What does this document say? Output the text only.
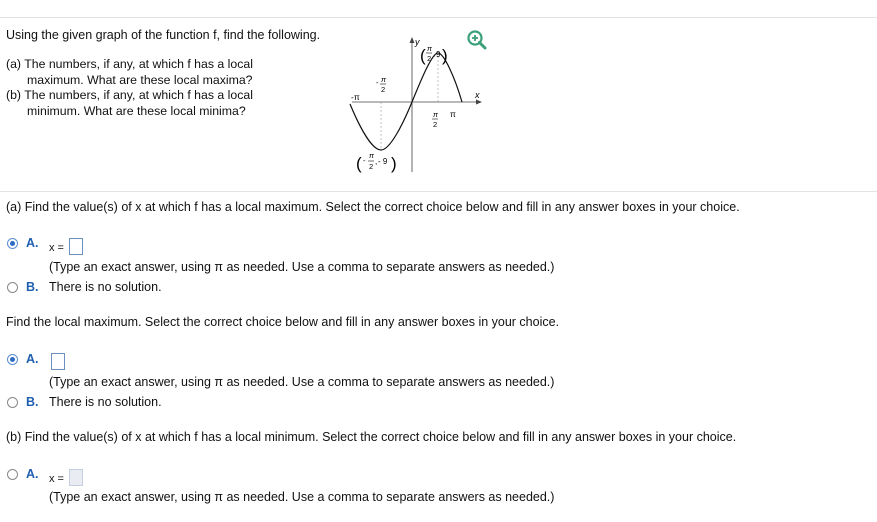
Using the given graph of the function f, find the following.
(a) The numbers, if any, at which f has a local
maximum. What are these local maxima?
(b) The numbers, if any, at which f has a local
minimum. What are these local minima?
y
x
-π
- π
2
π
2
π
( π
2
, 9 )
( -
π
2
, - 9 )
(a) Find the value(s) of x at which f has a local maximum. Select the correct choice below and fill in any answer boxes in your choice.
A. x =
(Type an exact answer, using π as needed. Use a comma to separate answers as needed.)
B. There is no solution.
Find the local maximum. Select the correct choice below and fill in any answer boxes in your choice.
A.
(Type an exact answer, using π as needed. Use a comma to separate answers as needed.)
B. There is no solution.
(b) Find the value(s) of x at which f has a local minimum. Select the correct choice below and fill in any answer boxes in your choice.
A. x =
(Type an exact answer, using π as needed. Use a comma to separate answers as needed.)
